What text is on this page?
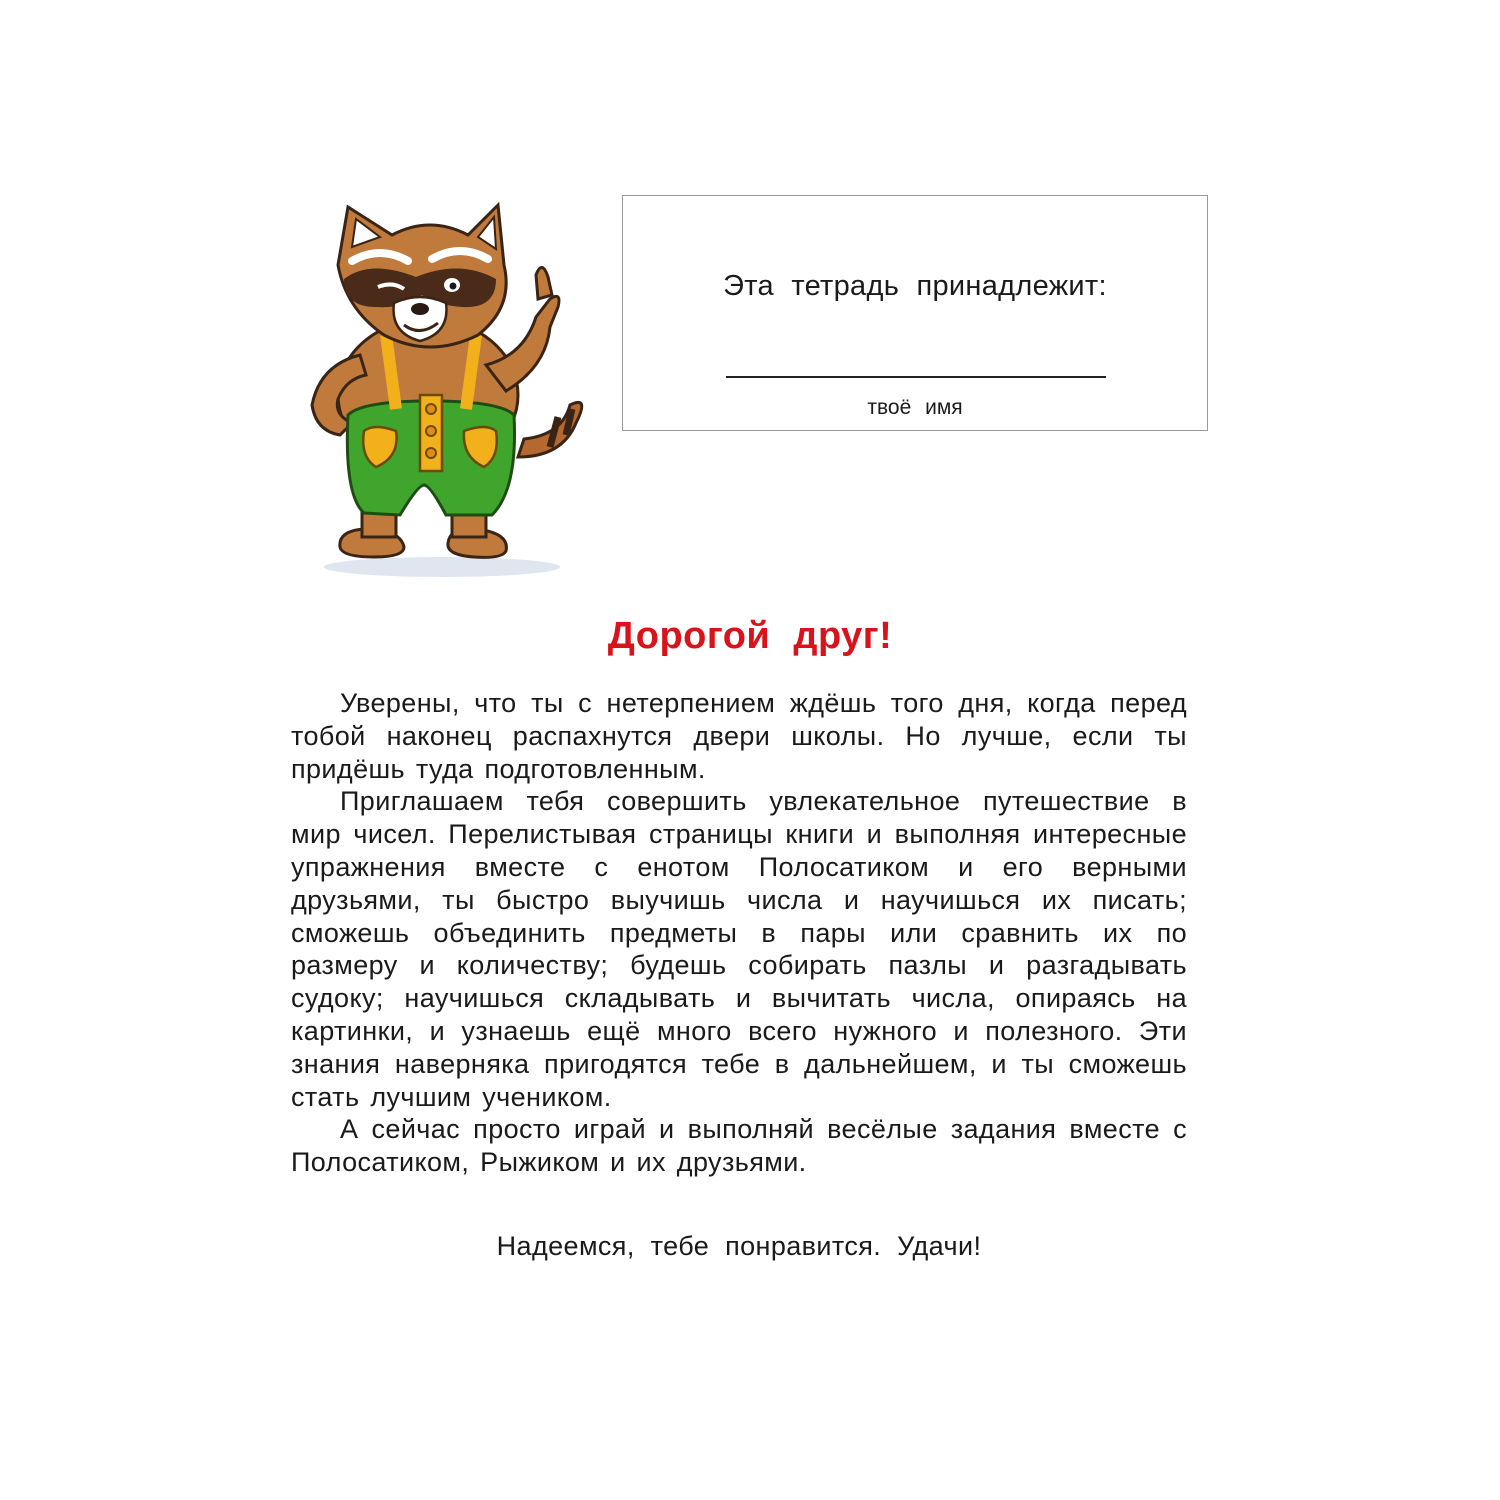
Эта тетрадь принадлежит:
твоё имя
Дорогой друг!

Уверены, что ты с нетерпением ждёшь того дня, когда перед тобой наконец распахнутся двери школы. Но лучше, если ты придёшь туда подготовленным.

Приглашаем тебя совершить увлекательное путешествие в мир чисел. Перелистывая страницы книги и выполняя интересные упражнения вместе с енотом Полосатиком и его верными друзьями, ты быстро выучишь числа и научишься их писать; сможешь объединить предметы в пары или сравнить их по размеру и количеству; будешь собирать пазлы и разгадывать судоку; научишься складывать и вычитать числа, опираясь на картинки, и узнаешь ещё много всего нужного и полезного. Эти знания наверняка пригодятся тебе в дальнейшем, и ты сможешь стать лучшим учеником.

А сейчас просто играй и выполняй весёлые задания вместе с Полосатиком, Рыжиком и их друзьями.

Надеемся, тебе понравится. Удачи!
